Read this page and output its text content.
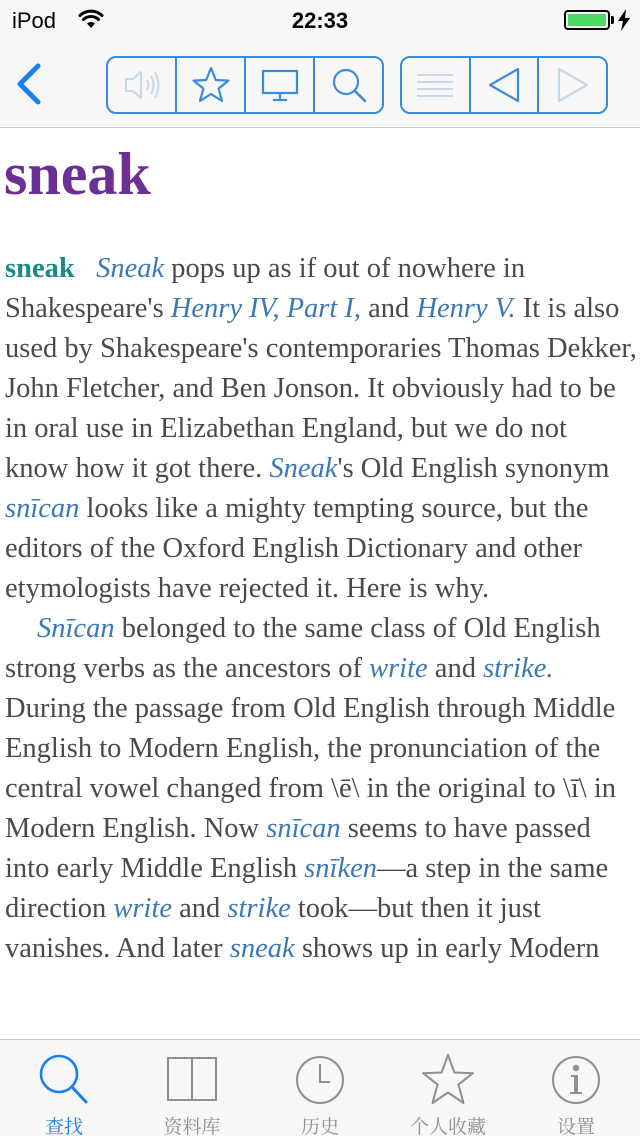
iPod	22:33
sneak

sneak Sneak pops up as if out of nowhere in Shakespeare's Henry IV, Part I, and Henry V. It is also used by Shakespeare's contemporaries Thomas Dekker, John Fletcher, and Ben Jonson. It obviously had to be in oral use in Elizabethan England, but we do not know how it got there. Sneak's Old English synonym snīcan looks like a mighty tempting source, but the editors of the Oxford English Dictionary and other etymologists have rejected it. Here is why.

Snīcan belonged to the same class of Old English strong verbs as the ancestors of write and strike. During the passage from Old English through Middle English to Modern English, the pronunciation of the central vowel changed from \ē\ in the original to \ī\ in Modern English. Now snīcan seems to have passed into early Middle English snīken—a step in the same direction write and strike took—but then it just vanishes. And later sneak shows up in early Modern

查找	资料库	历史	个人收藏	设置
